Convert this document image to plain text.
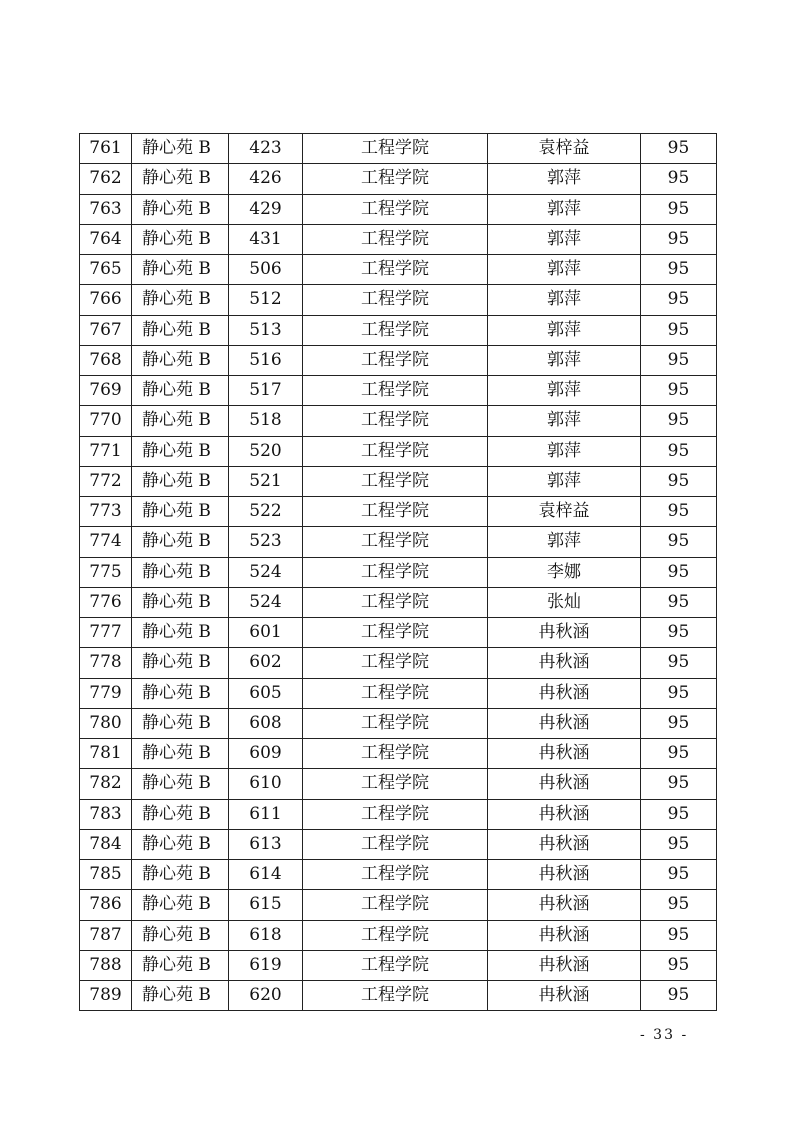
761	静心苑 B	423	工程学院	袁梓益	95
762	静心苑 B	426	工程学院	郭萍	95
763	静心苑 B	429	工程学院	郭萍	95
764	静心苑 B	431	工程学院	郭萍	95
765	静心苑 B	506	工程学院	郭萍	95
766	静心苑 B	512	工程学院	郭萍	95
767	静心苑 B	513	工程学院	郭萍	95
768	静心苑 B	516	工程学院	郭萍	95
769	静心苑 B	517	工程学院	郭萍	95
770	静心苑 B	518	工程学院	郭萍	95
771	静心苑 B	520	工程学院	郭萍	95
772	静心苑 B	521	工程学院	郭萍	95
773	静心苑 B	522	工程学院	袁梓益	95
774	静心苑 B	523	工程学院	郭萍	95
775	静心苑 B	524	工程学院	李娜	95
776	静心苑 B	524	工程学院	张灿	95
777	静心苑 B	601	工程学院	冉秋涵	95
778	静心苑 B	602	工程学院	冉秋涵	95
779	静心苑 B	605	工程学院	冉秋涵	95
780	静心苑 B	608	工程学院	冉秋涵	95
781	静心苑 B	609	工程学院	冉秋涵	95
782	静心苑 B	610	工程学院	冉秋涵	95
783	静心苑 B	611	工程学院	冉秋涵	95
784	静心苑 B	613	工程学院	冉秋涵	95
785	静心苑 B	614	工程学院	冉秋涵	95
786	静心苑 B	615	工程学院	冉秋涵	95
787	静心苑 B	618	工程学院	冉秋涵	95
788	静心苑 B	619	工程学院	冉秋涵	95
789	静心苑 B	620	工程学院	冉秋涵	95
- 33 -
